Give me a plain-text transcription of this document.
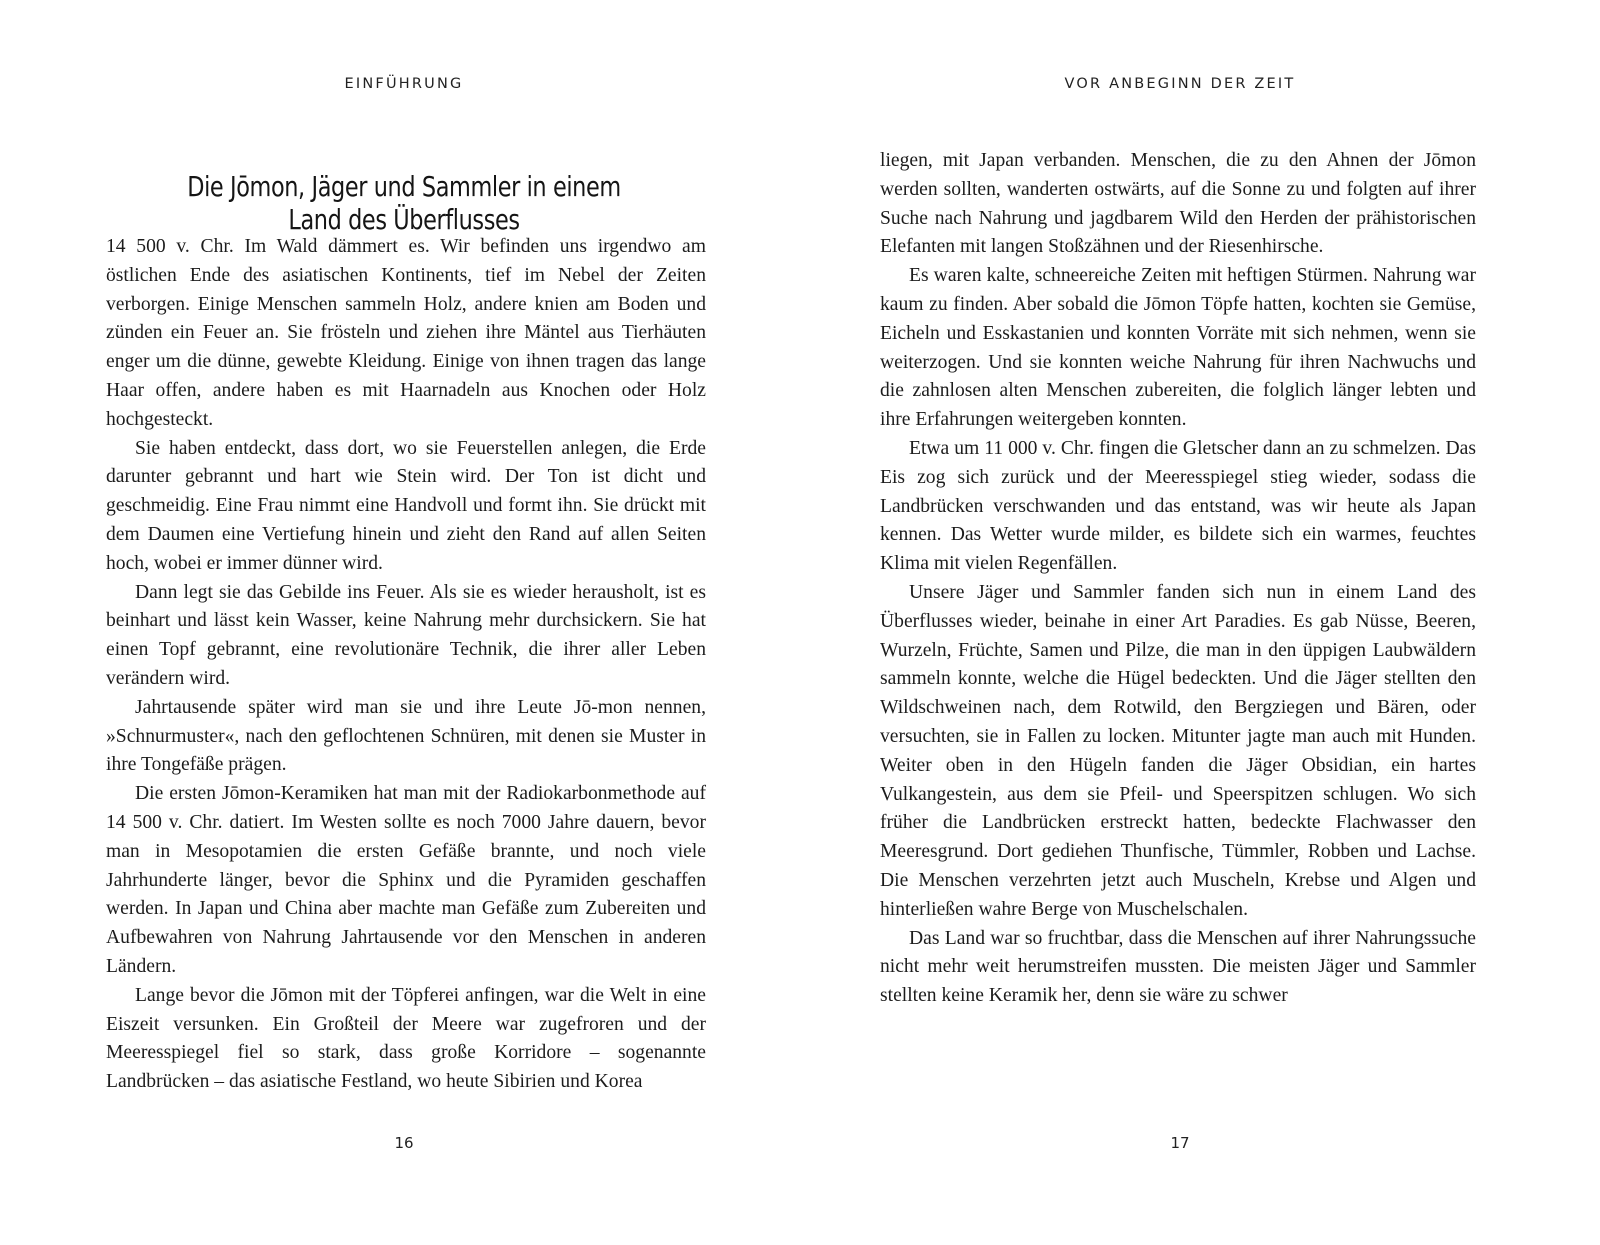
EINFÜHRUNG
Die Jōmon, Jäger und Sammler in einem Land des Überflusses

14 500 v. Chr. Im Wald dämmert es. Wir befinden uns irgendwo am östlichen Ende des asiatischen Kontinents, tief im Nebel der Zeiten verborgen. Einige Menschen sammeln Holz, andere knien am Boden und zünden ein Feuer an. Sie frösteln und ziehen ihre Mäntel aus Tierhäuten enger um die dünne, gewebte Kleidung. Einige von ihnen tragen das lange Haar offen, andere haben es mit Haarnadeln aus Knochen oder Holz hochgesteckt.

Sie haben entdeckt, dass dort, wo sie Feuerstellen anlegen, die Erde darunter gebrannt und hart wie Stein wird. Der Ton ist dicht und geschmeidig. Eine Frau nimmt eine Handvoll und formt ihn. Sie drückt mit dem Daumen eine Vertiefung hinein und zieht den Rand auf allen Seiten hoch, wobei er immer dünner wird.

Dann legt sie das Gebilde ins Feuer. Als sie es wieder herausholt, ist es beinhart und lässt kein Wasser, keine Nahrung mehr durchsickern. Sie hat einen Topf gebrannt, eine revolutionäre Technik, die ihrer aller Leben verändern wird.

Jahrtausende später wird man sie und ihre Leute Jō-mon nennen, »Schnurmuster«, nach den geflochtenen Schnüren, mit denen sie Muster in ihre Tongefäße prägen.

Die ersten Jōmon-Keramiken hat man mit der Radiokarbonmethode auf 14 500 v. Chr. datiert. Im Westen sollte es noch 7000 Jahre dauern, bevor man in Mesopotamien die ersten Gefäße brannte, und noch viele Jahrhunderte länger, bevor die Sphinx und die Pyramiden geschaffen werden. In Japan und China aber machte man Gefäße zum Zubereiten und Aufbewahren von Nahrung Jahrtausende vor den Menschen in anderen Ländern.

Lange bevor die Jōmon mit der Töpferei anfingen, war die Welt in eine Eiszeit versunken. Ein Großteil der Meere war zugefroren und der Meeresspiegel fiel so stark, dass große Korridore – sogenannte Landbrücken – das asiatische Festland, wo heute Sibirien und Korea

16
VOR ANBEGINN DER ZEIT

liegen, mit Japan verbanden. Menschen, die zu den Ahnen der Jōmon werden sollten, wanderten ostwärts, auf die Sonne zu und folgten auf ihrer Suche nach Nahrung und jagdbarem Wild den Herden der prähistorischen Elefanten mit langen Stoßzähnen und der Riesenhirsche.

Es waren kalte, schneereiche Zeiten mit heftigen Stürmen. Nahrung war kaum zu finden. Aber sobald die Jōmon Töpfe hatten, kochten sie Gemüse, Eicheln und Esskastanien und konnten Vorräte mit sich nehmen, wenn sie weiterzogen. Und sie konnten weiche Nahrung für ihren Nachwuchs und die zahnlosen alten Menschen zubereiten, die folglich länger lebten und ihre Erfahrungen weitergeben konnten.

Etwa um 11 000 v. Chr. fingen die Gletscher dann an zu schmelzen. Das Eis zog sich zurück und der Meeresspiegel stieg wieder, sodass die Landbrücken verschwanden und das entstand, was wir heute als Japan kennen. Das Wetter wurde milder, es bildete sich ein warmes, feuchtes Klima mit vielen Regenfällen.

Unsere Jäger und Sammler fanden sich nun in einem Land des Überflusses wieder, beinahe in einer Art Paradies. Es gab Nüsse, Beeren, Wurzeln, Früchte, Samen und Pilze, die man in den üppigen Laubwäldern sammeln konnte, welche die Hügel bedeckten. Und die Jäger stellten den Wildschweinen nach, dem Rotwild, den Bergziegen und Bären, oder versuchten, sie in Fallen zu locken. Mitunter jagte man auch mit Hunden. Weiter oben in den Hügeln fanden die Jäger Obsidian, ein hartes Vulkangestein, aus dem sie Pfeil- und Speerspitzen schlugen. Wo sich früher die Landbrücken erstreckt hatten, bedeckte Flachwasser den Meeresgrund. Dort gediehen Thunfische, Tümmler, Robben und Lachse. Die Menschen verzehrten jetzt auch Muscheln, Krebse und Algen und hinterließen wahre Berge von Muschelschalen.

Das Land war so fruchtbar, dass die Menschen auf ihrer Nahrungssuche nicht mehr weit herumstreifen mussten. Die meisten Jäger und Sammler stellten keine Keramik her, denn sie wäre zu schwer

17
